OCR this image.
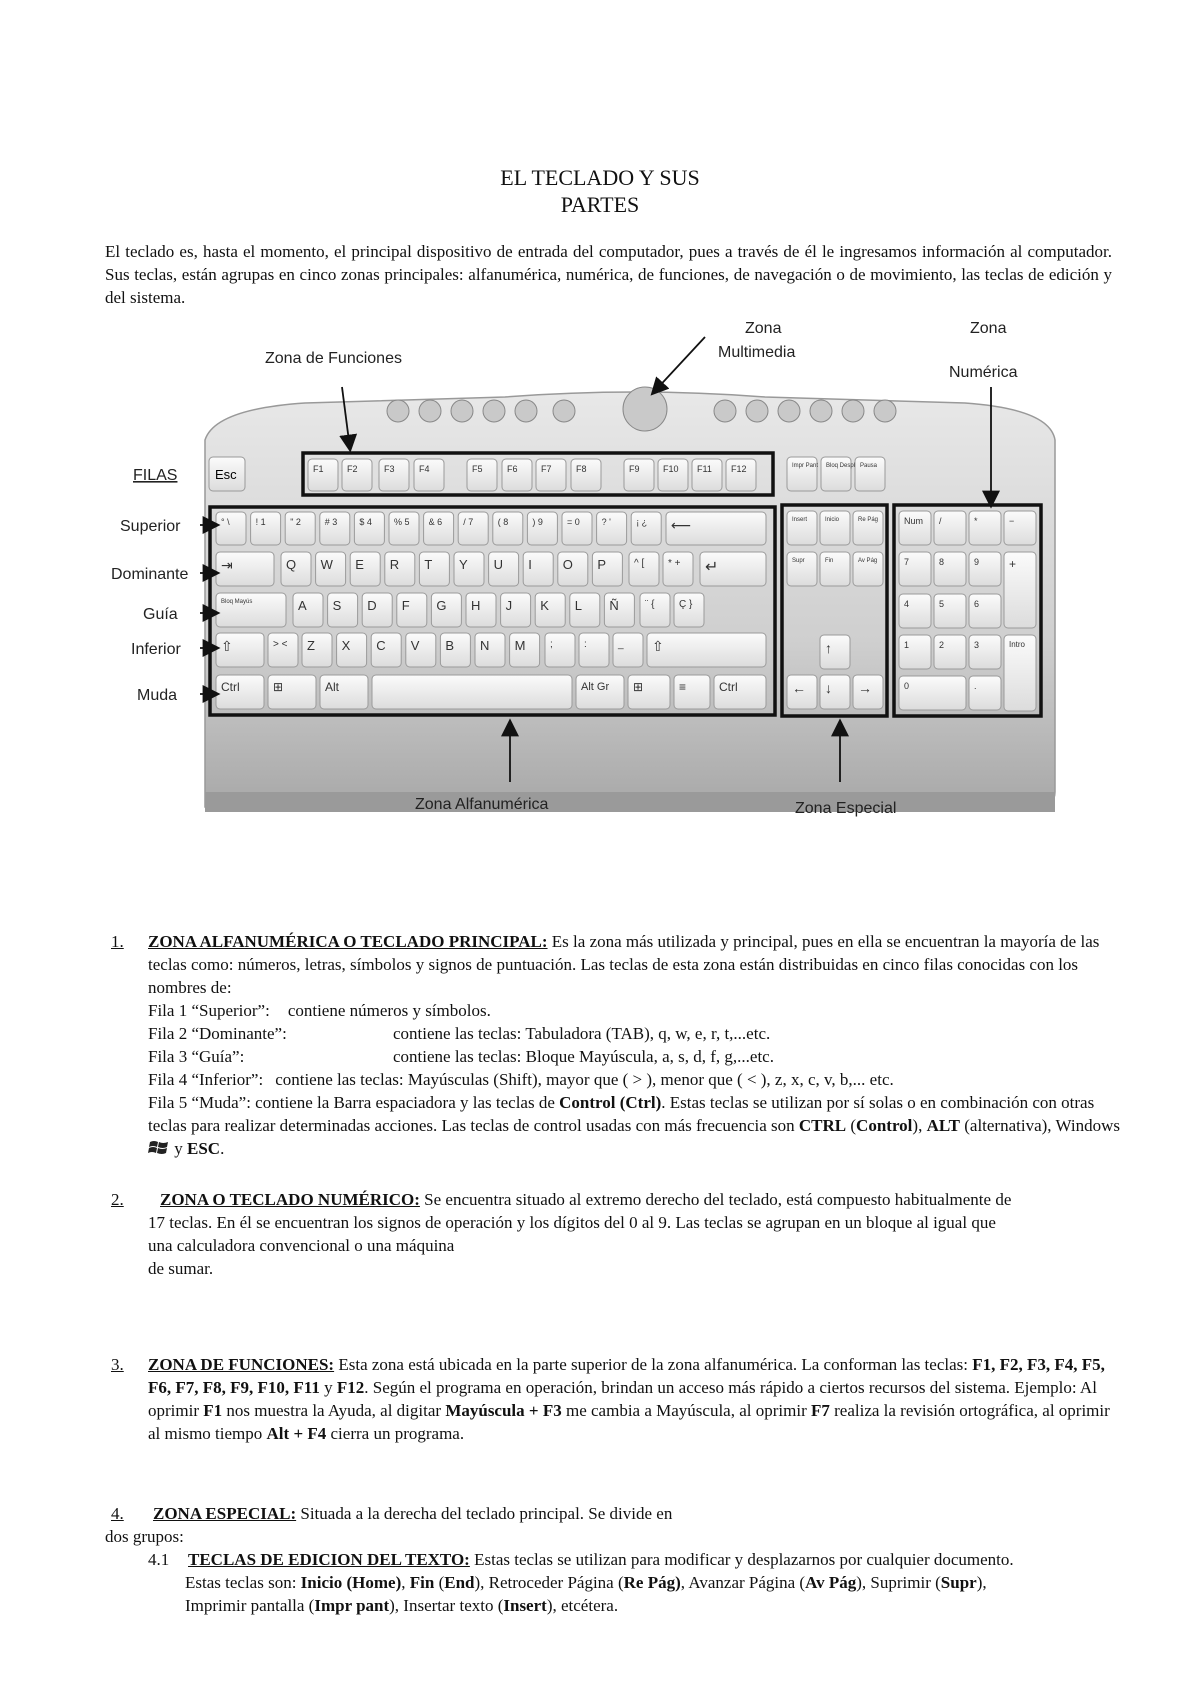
EL TECLADO Y SUS
PARTES
El teclado es, hasta el momento, el principal dispositivo de entrada del computador, pues a través de él le ingresamos información al computador. Sus teclas, están agrupas en cinco zonas principales: alfanumérica, numérica, de funciones, de navegación o de movimiento, las teclas de edición y del sistema.
Esc	F1	F2	F3	F4	F5	F6	F7	F8	F9	F10 F11 F12	Impr Pant Bloq Despl Pausa
° \	! 1	" 2	# 3 $ 4 % 5 & 6 / 7	( 8	) 9	= 0 ? '	¡ ¿ ⟵
⇥	Q W E R T Y U I O P	^ [ * + ↵
Bloq Mayús	A S D F G H J K L Ñ	¨ { Ç }
⇧	> < Z X C V B N M ;	:	_ ⇧
Ctrl	⊞	Alt	Alt Gr ⊞	≡	Ctrl
Insert	Inicio	Re Pág
Supr	Fin	Av Pág
↑
← ↓ →
Num /	*	−
7	8	9 +
4	5	6
1	2	3	Intro
0	.
Zona de Funciones
Zona
Multimedia
Zona
Numérica
FILAS
Superior
Dominante
Guía
Inferior
Muda
Zona Alfanumérica	Zona Especial
1.	ZONA ALFANUMÉRICA O TECLADO PRINCIPAL: Es la zona más utilizada y principal, pues en ella se encuentran la mayoría de las teclas como: números, letras, símbolos y signos de puntuación. Las teclas de esta zona están distribuidas en cinco filas conocidas con los nombres de:
Fila 1 “Superior”: contiene números y símbolos.
Fila 2 “Dominante”:	contiene las teclas: Tabuladora (TAB), q, w, e, r, t,...etc.
Fila 3 “Guía”:	contiene las teclas: Bloque Mayúscula, a, s, d, f, g,...etc.
Fila 4 “Inferior”: contiene las teclas: Mayúsculas (Shift), mayor que ( > ), menor que ( < ), z, x, c, v, b,... etc.
Fila 5 “Muda”: contiene la Barra espaciadora y las teclas de Control (Ctrl). Estas teclas se utilizan por sí solas o en combinación con otras teclas para realizar determinadas acciones. Las teclas de control usadas con más frecuencia son CTRL (Control), ALT (alternativa), Windows y ESC.
2. ZONA O TECLADO NUMÉRICO: Se encuentra situado al extremo derecho del teclado, está compuesto habitualmente de
17 teclas. En él se encuentran los signos de operación y los dígitos del 0 al 9. Las teclas se agrupan en un bloque al igual que
una calculadora convencional o una máquina
de sumar.
3.	ZONA DE FUNCIONES: Esta zona está ubicada en la parte superior de la zona alfanumérica. La conforman las teclas: F1, F2, F3, F4, F5, F6, F7, F8, F9, F10, F11 y F12. Según el programa en operación, brindan un acceso más rápido a ciertos recursos del sistema. Ejemplo: Al oprimir F1 nos muestra la Ayuda, al digitar Mayúscula + F3 me cambia a Mayúscula, al oprimir F7 realiza la revisión ortográfica, al oprimir al mismo tiempo Alt + F4 cierra un programa.
4. ZONA ESPECIAL: Situada a la derecha del teclado principal. Se divide en
dos grupos:
4.1 TECLAS DE EDICION DEL TEXTO: Estas teclas se utilizan para modificar y desplazarnos por cualquier documento.
Estas teclas son: Inicio (Home), Fin (End), Retroceder Página (Re Pág), Avanzar Página (Av Pág), Suprimir (Supr),
Imprimir pantalla (Impr pant), Insertar texto (Insert), etcétera.
